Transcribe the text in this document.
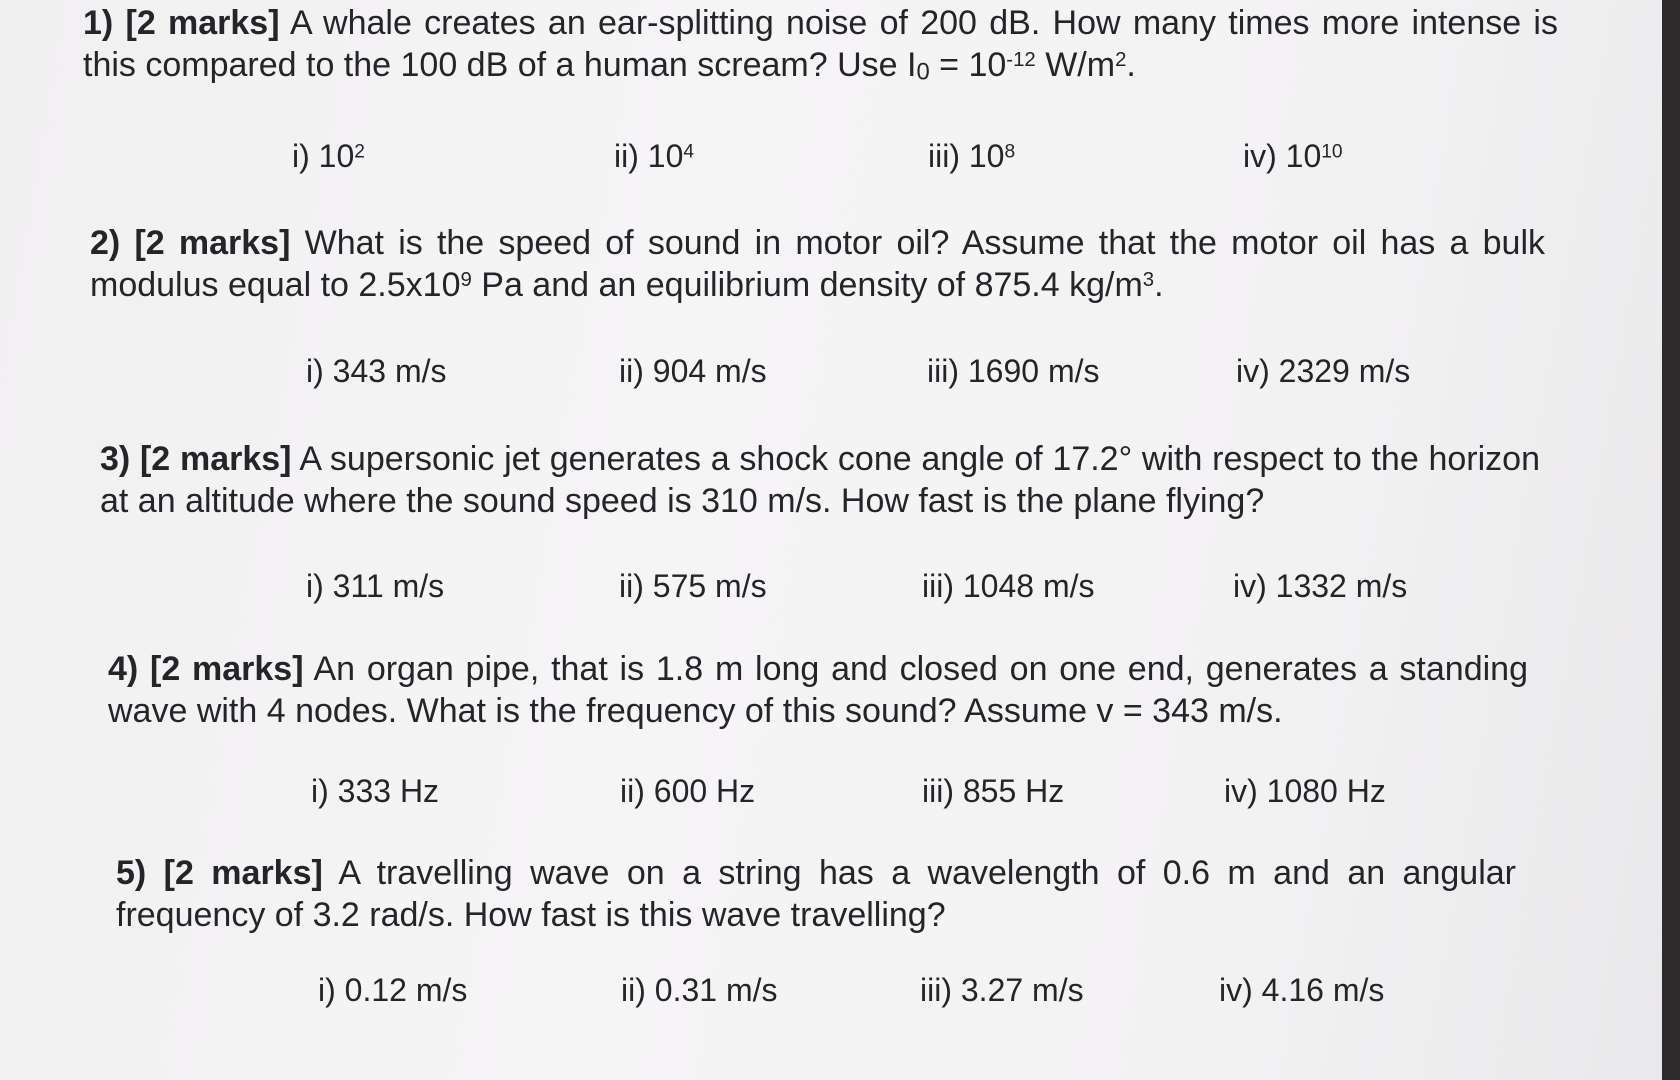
1) [2 marks] A whale creates an ear-splitting noise of 200 dB. How many times more intense is this compared to the 100 dB of a human scream? Use $I_0 = 10^{-12}$ $W/m^2$.
i) $10^2$	ii) $10^4$	iii) $10^8$	iv) $10^{10}$
2) [2 marks] What is the speed of sound in motor oil? Assume that the motor oil has a bulk modulus equal to $2.5x10^9$ Pa and an equilibrium density of 875.4 $kg/m^3$.
i) 343 m/s	ii) 904 m/s	iii) 1690 m/s	iv) 2329 m/s
3) [2 marks] A supersonic jet generates a shock cone angle of 17.2° with respect to the horizon at an altitude where the sound speed is 310 m/s. How fast is the plane flying?
i) 311 m/s	ii) 575 m/s	iii) 1048 m/s	iv) 1332 m/s
4) [2 marks] An organ pipe, that is 1.8 m long and closed on one end, generates a standing wave with 4 nodes. What is the frequency of this sound? Assume v = 343 m/s.
i) 333 Hz	ii) 600 Hz	iii) 855 Hz	iv) 1080 Hz
5) [2 marks] A travelling wave on a string has a wavelength of 0.6 m and an angular frequency of 3.2 rad/s. How fast is this wave travelling?
i) 0.12 m/s	ii) 0.31 m/s	iii) 3.27 m/s	iv) 4.16 m/s
